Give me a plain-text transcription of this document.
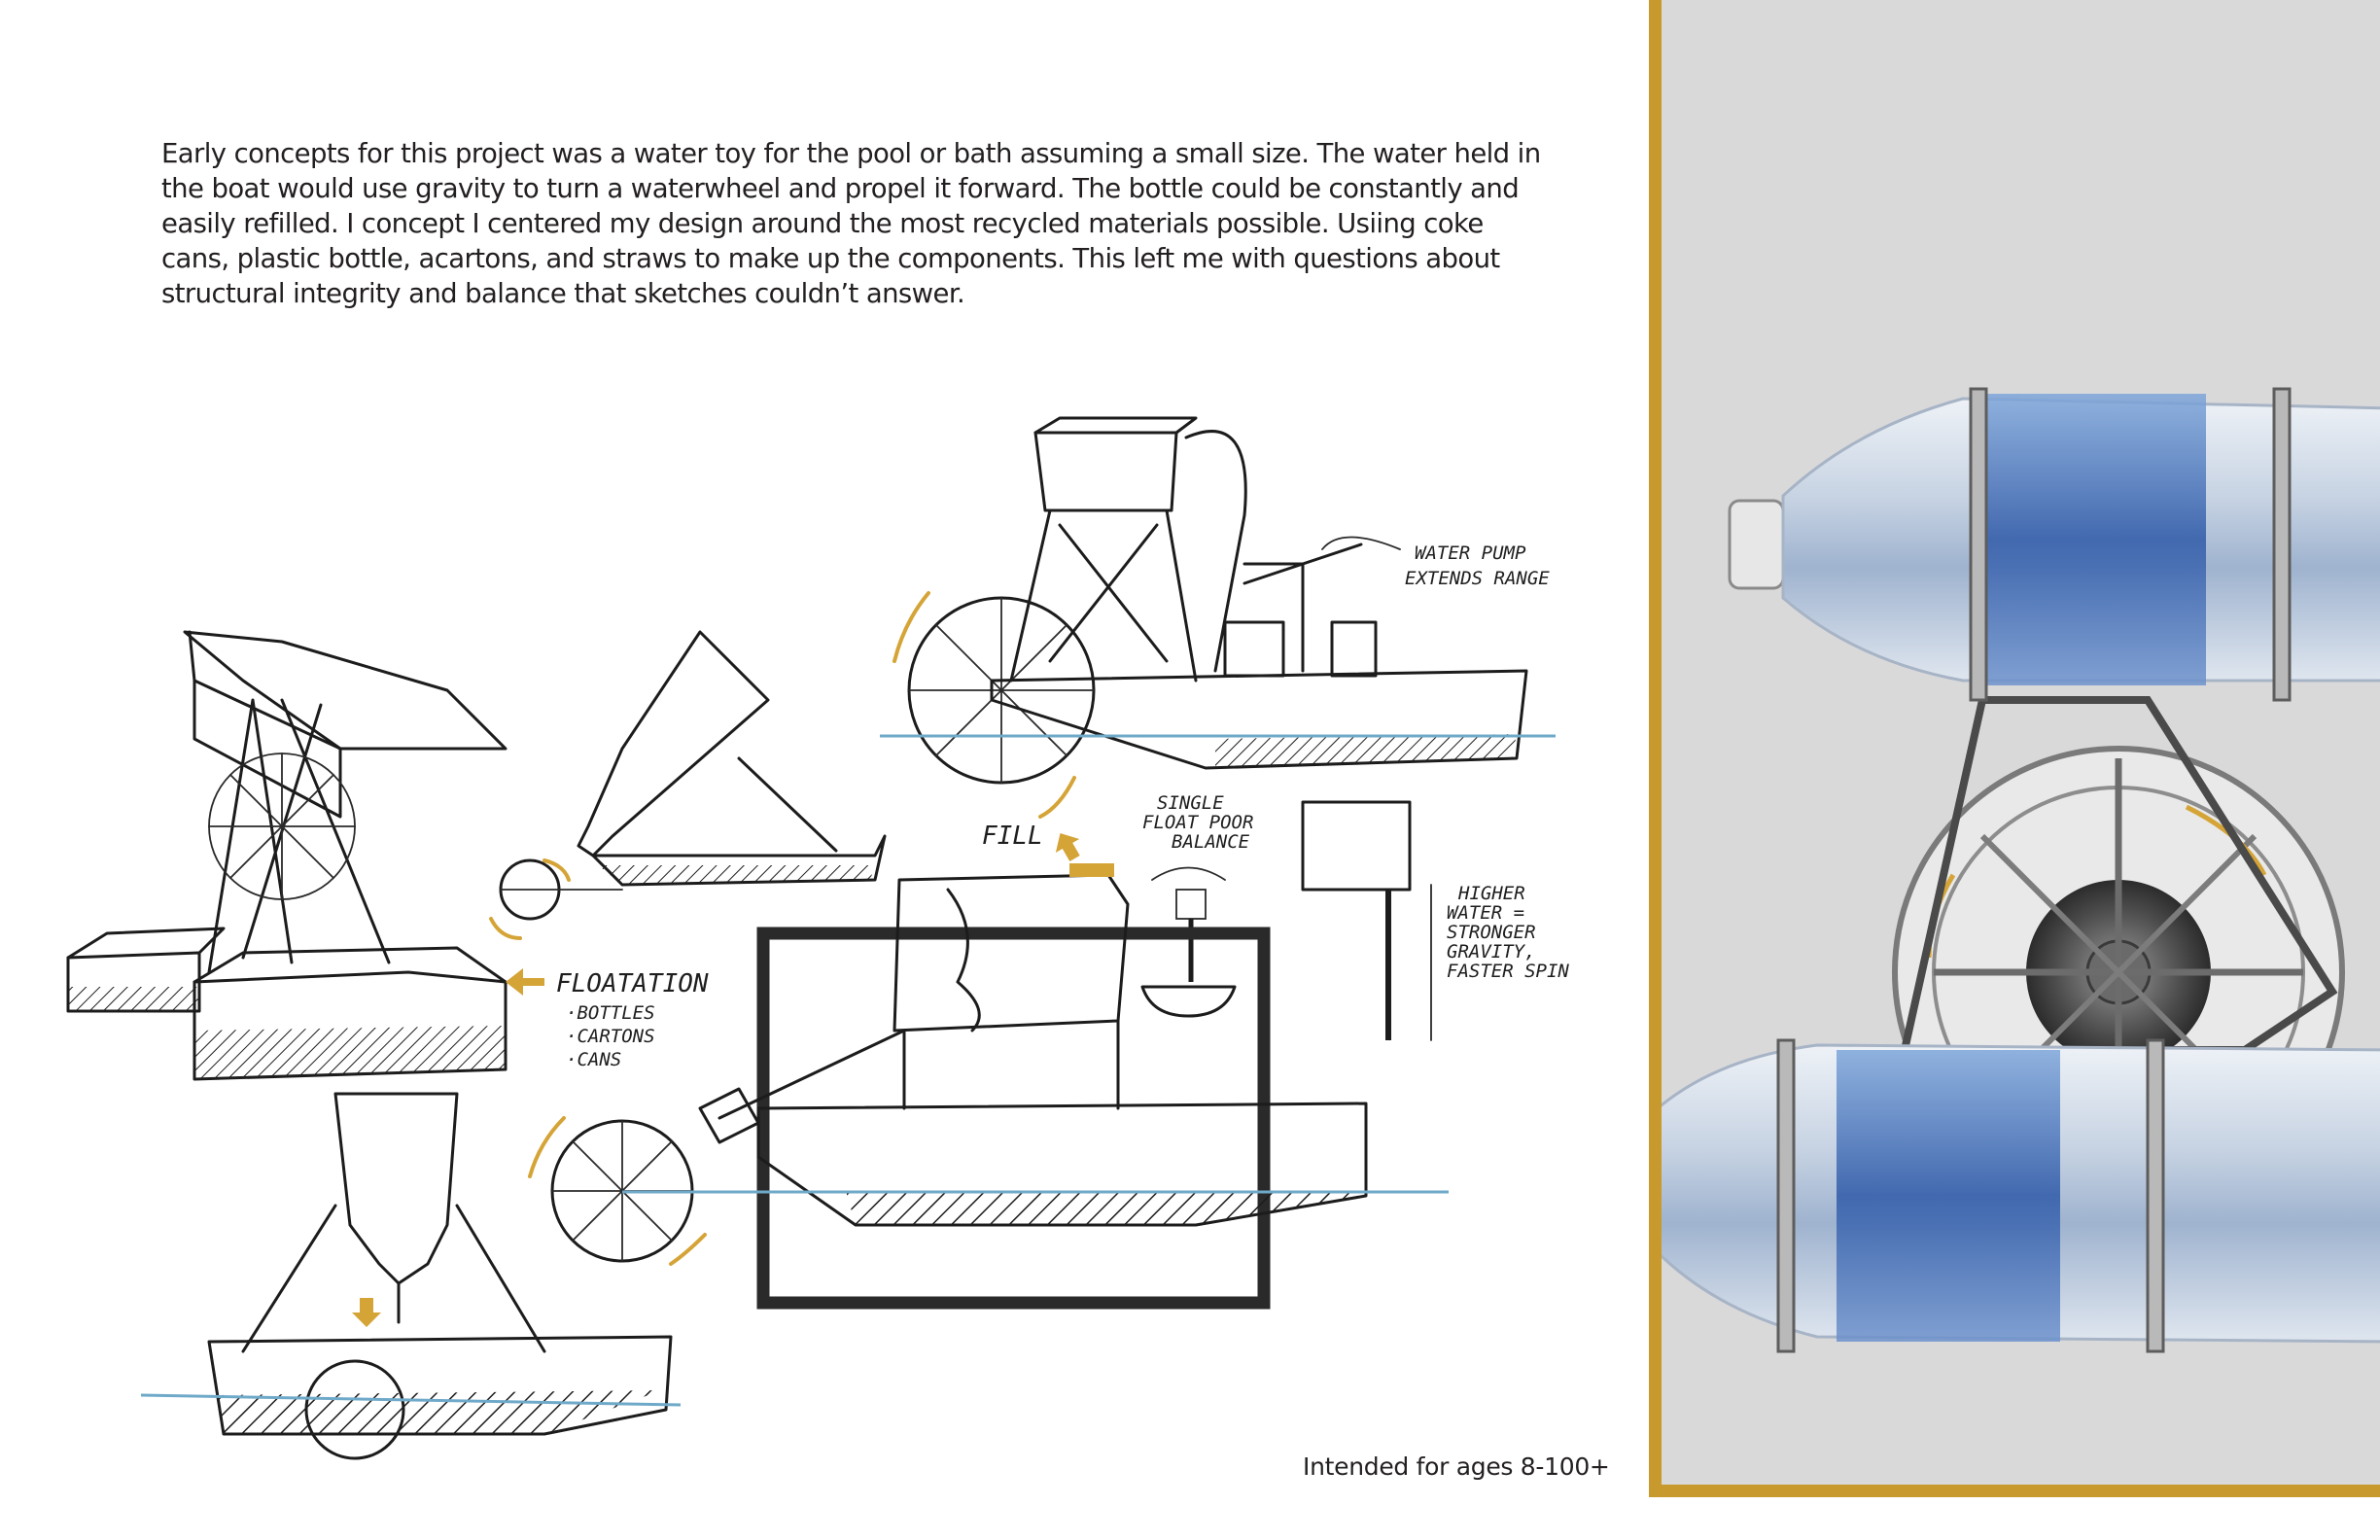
Early concepts for this project was a water toy for the pool or bath assuming a small size. The water held in
the boat would use gravity to turn a waterwheel and propel it forward. The bottle could be constantly and
easily refilled. I concept I centered my design around the most recycled materials possible. Usiing coke
cans, plastic bottle, acartons, and straws to make up the components. This left me with questions about
structural integrity and balance that sketches couldn’t answer.

FLOATATION
·BOTTLES
·CARTONS
·CANS
WATER PUMP
EXTENDS RANGE
FILL
SINGLE
FLOAT POOR
BALANCE
HIGHER
WATER =
STRONGER
GRAVITY,
FASTER SPIN

Intended for ages 8-100+
